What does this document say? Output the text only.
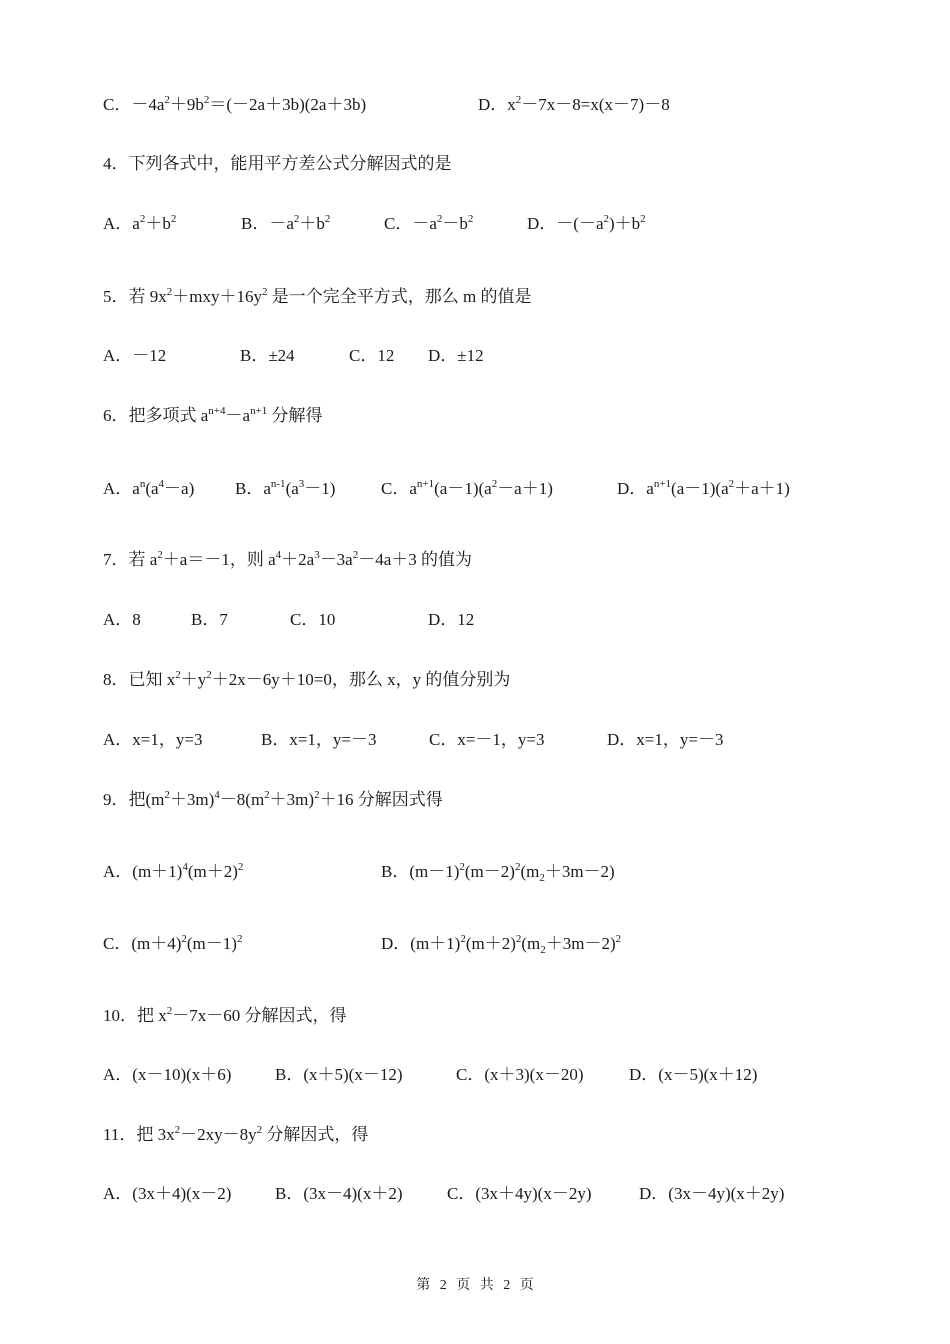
C．$-4a^2+9b^2=(-2a+3b)(2a+3b)$	D．$x^2-7x-8=x(x-7)-8$
4．下列各式中，能用平方差公式分解因式的是
A．$a^2+b^2$	B．$-a^2+b^2$	C．$-a^2-b^2$	D．$-(-a^2)+b^2$
5．若 $9x^2+mxy+16y^2$ 是一个完全平方式，那么 m 的值是
A．－12	B．±24	C．12 D．±12
6．把多项式 $a^{n+4}-a^{n+1}$ 分解得
A．$a^n(a^4-a)$ B．$a^{n-1}(a^3-1)$	C．$a^{n+1}(a-1)(a^2-a+1)$	D．$a^{n+1}(a-1)(a^2+a+1)$
7．若 $a^2+a=-1$，则 $a^4+2a^3-3a^2-4a+3$ 的值为
A．8	B．7	C．10	D．12
8．已知 $x^2+y^2+2x-6y+10=0$，那么 x，y 的值分别为
A．x=1，y=3	B．x=1，y=－3	C．x=－1，y=3	D．x=1，y=－3
9．把$(m^2+3m)^4-8(m^2+3m)^2+16$ 分解因式得
A．$(m+1)^4(m+2)^2$	B．$(m-1)^2(m-2)^2(m_2+3m-2)$
C．$(m+4)^2(m-1)^2$	D．$(m+1)^2(m+2)^2(m_2+3m-2)^2$
10．把 $x^2-7x-60$ 分解因式，得
A．(x－10)(x＋6)	B．(x＋5)(x－12)	C．(x＋3)(x－20)	D．(x－5)(x＋12)
11．把 $3x^2-2xy-8y^2$ 分解因式，得
A．(3x＋4)(x－2)	B．(3x－4)(x＋2)	C．(3x＋4y)(x－2y)	D．(3x－4y)(x＋2y)
第 2 页 共 2 页
